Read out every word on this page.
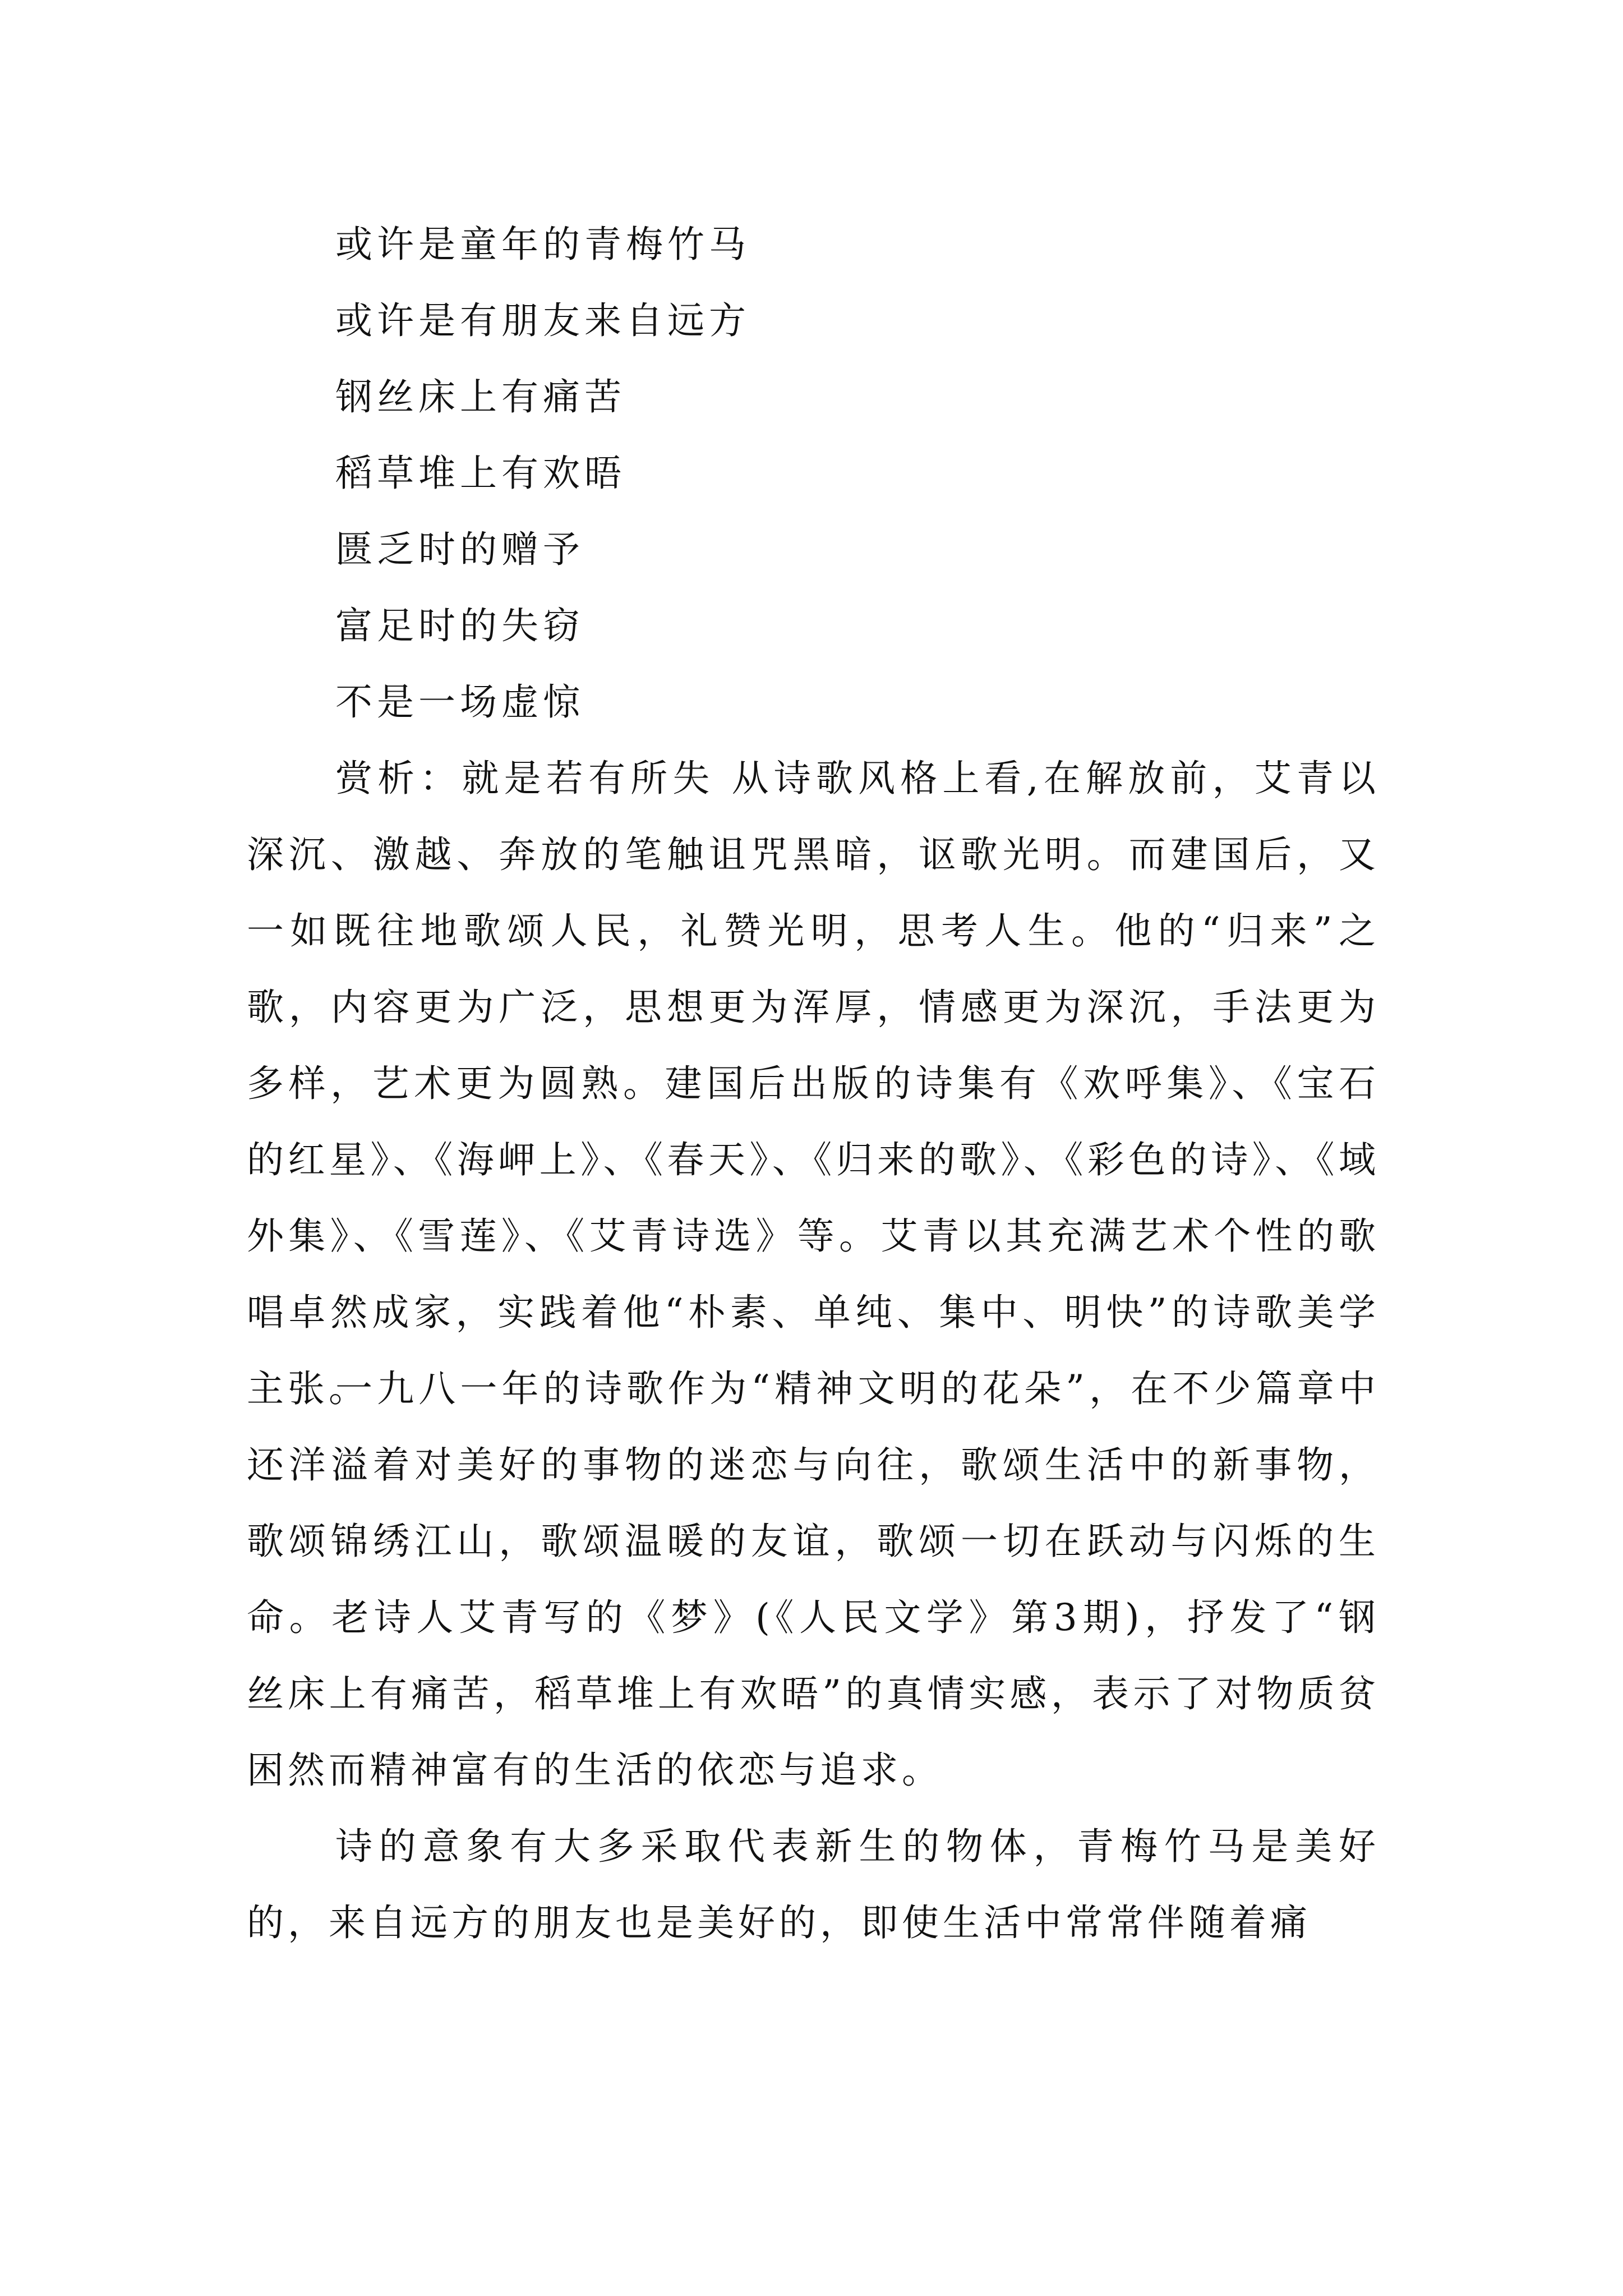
或许是童年的青梅竹马
或许是有朋友来自远方
钢丝床上有痛苦
稻草堆上有欢晤
匮乏时的赠予
富足时的失窃
不是一场虚惊

赏析：就是若有所失 从诗歌风格上看,在解放前，艾青以深沉、激越、奔放的笔触诅咒黑暗，讴歌光明。而建国后，又一如既往地歌颂人民，礼赞光明，思考人生。他的“归来”之歌，内容更为广泛，思想更为浑厚，情感更为深沉，手法更为多样，艺术更为圆熟。建国后出版的诗集有《欢呼集》、《宝石的红星》、《海岬上》、《春天》、《归来的歌》、《彩色的诗》、《域外集》、《雪莲》、《艾青诗选》等。艾青以其充满艺术个性的歌唱卓然成家，实践着他“朴素、单纯、集中、明快”的诗歌美学主张。

一九八一年的诗歌作为“精神文明的花朵”，在不少篇章中还洋溢着对美好的事物的迷恋与向往，歌颂生活中的新事物，歌颂锦绣江山，歌颂温暖的友谊，歌颂一切在跃动与闪烁的生命。老诗人艾青写的《梦》(《人民文学》第3期)，抒发了“钢丝床上有痛苦，稻草堆上有欢晤”的真情实感，表示了对物质贫困然而精神富有的生活的依恋与追求。

诗的意象有大多采取代表新生的物体，青梅竹马是美好的，来自远方的朋友也是美好的，即使生活中常常伴随着痛
